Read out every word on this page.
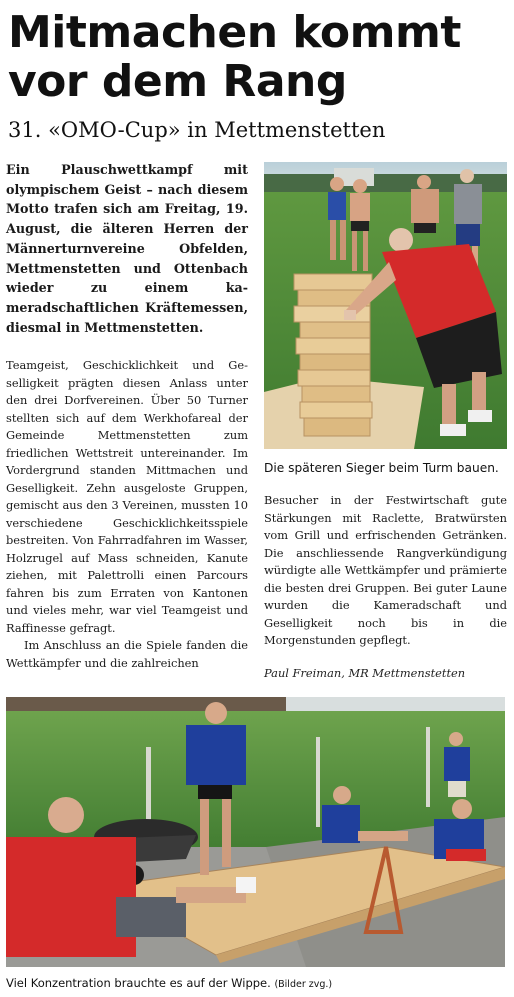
Mitmachen kommt
vor dem Rang
31. «OMO-Cup» in Mettmenstetten

Ein Plauschwettkampf mit olympischem Geist – nach diesem Motto trafen sich am Freitag, 19. August, die älteren Herren der Männerturnvereine Obfelden, Mettmenstetten und Ottenbach wieder zu einem kameradschaftlichen Kräftemessen, diesmal in Mettmenstetten.

Teamgeist, Geschicklichkeit und Geselligkeit prägten diesen Anlass unter den drei Dorfvereinen. Über 50 Turner stellten sich auf dem Werkhofareal der Gemeinde Mettmenstetten zum friedlichen Wettstreit untereinander. Im Vordergrund standen Mittmachen und Geselligkeit. Zehn ausgeloste Gruppen, gemischt aus den 3 Vereinen, mussten 10 verschiedene Geschicklichkeitsspiele bestreiten. Von Fahrradfahren im Wasser, Holzrugel auf Mass schneiden, Kanute ziehen, mit Palettrolli einen Parcours fahren bis zum Erraten von Kantonen und vieles mehr, war viel Teamgeist und Raffinesse gefragt.

Im Anschluss an die Spiele fanden die Wettkämpfer und die zahlreichen

Die späteren Sieger beim Turm bauen.

Besucher in der Festwirtschaft gute Stärkungen mit Raclette, Bratwürsten vom Grill und erfrischenden Getränken. Die anschliessende Rangverkündigung würdigte alle Wettkämpfer und prämierte die besten drei Gruppen. Bei guter Laune wurden die Kameradschaft und Geselligkeit noch bis in die Morgenstunden gepflegt.

Paul Freiman, MR Mettmenstetten
Viel Konzentration brauchte es auf der Wippe. (Bilder zvg.)
